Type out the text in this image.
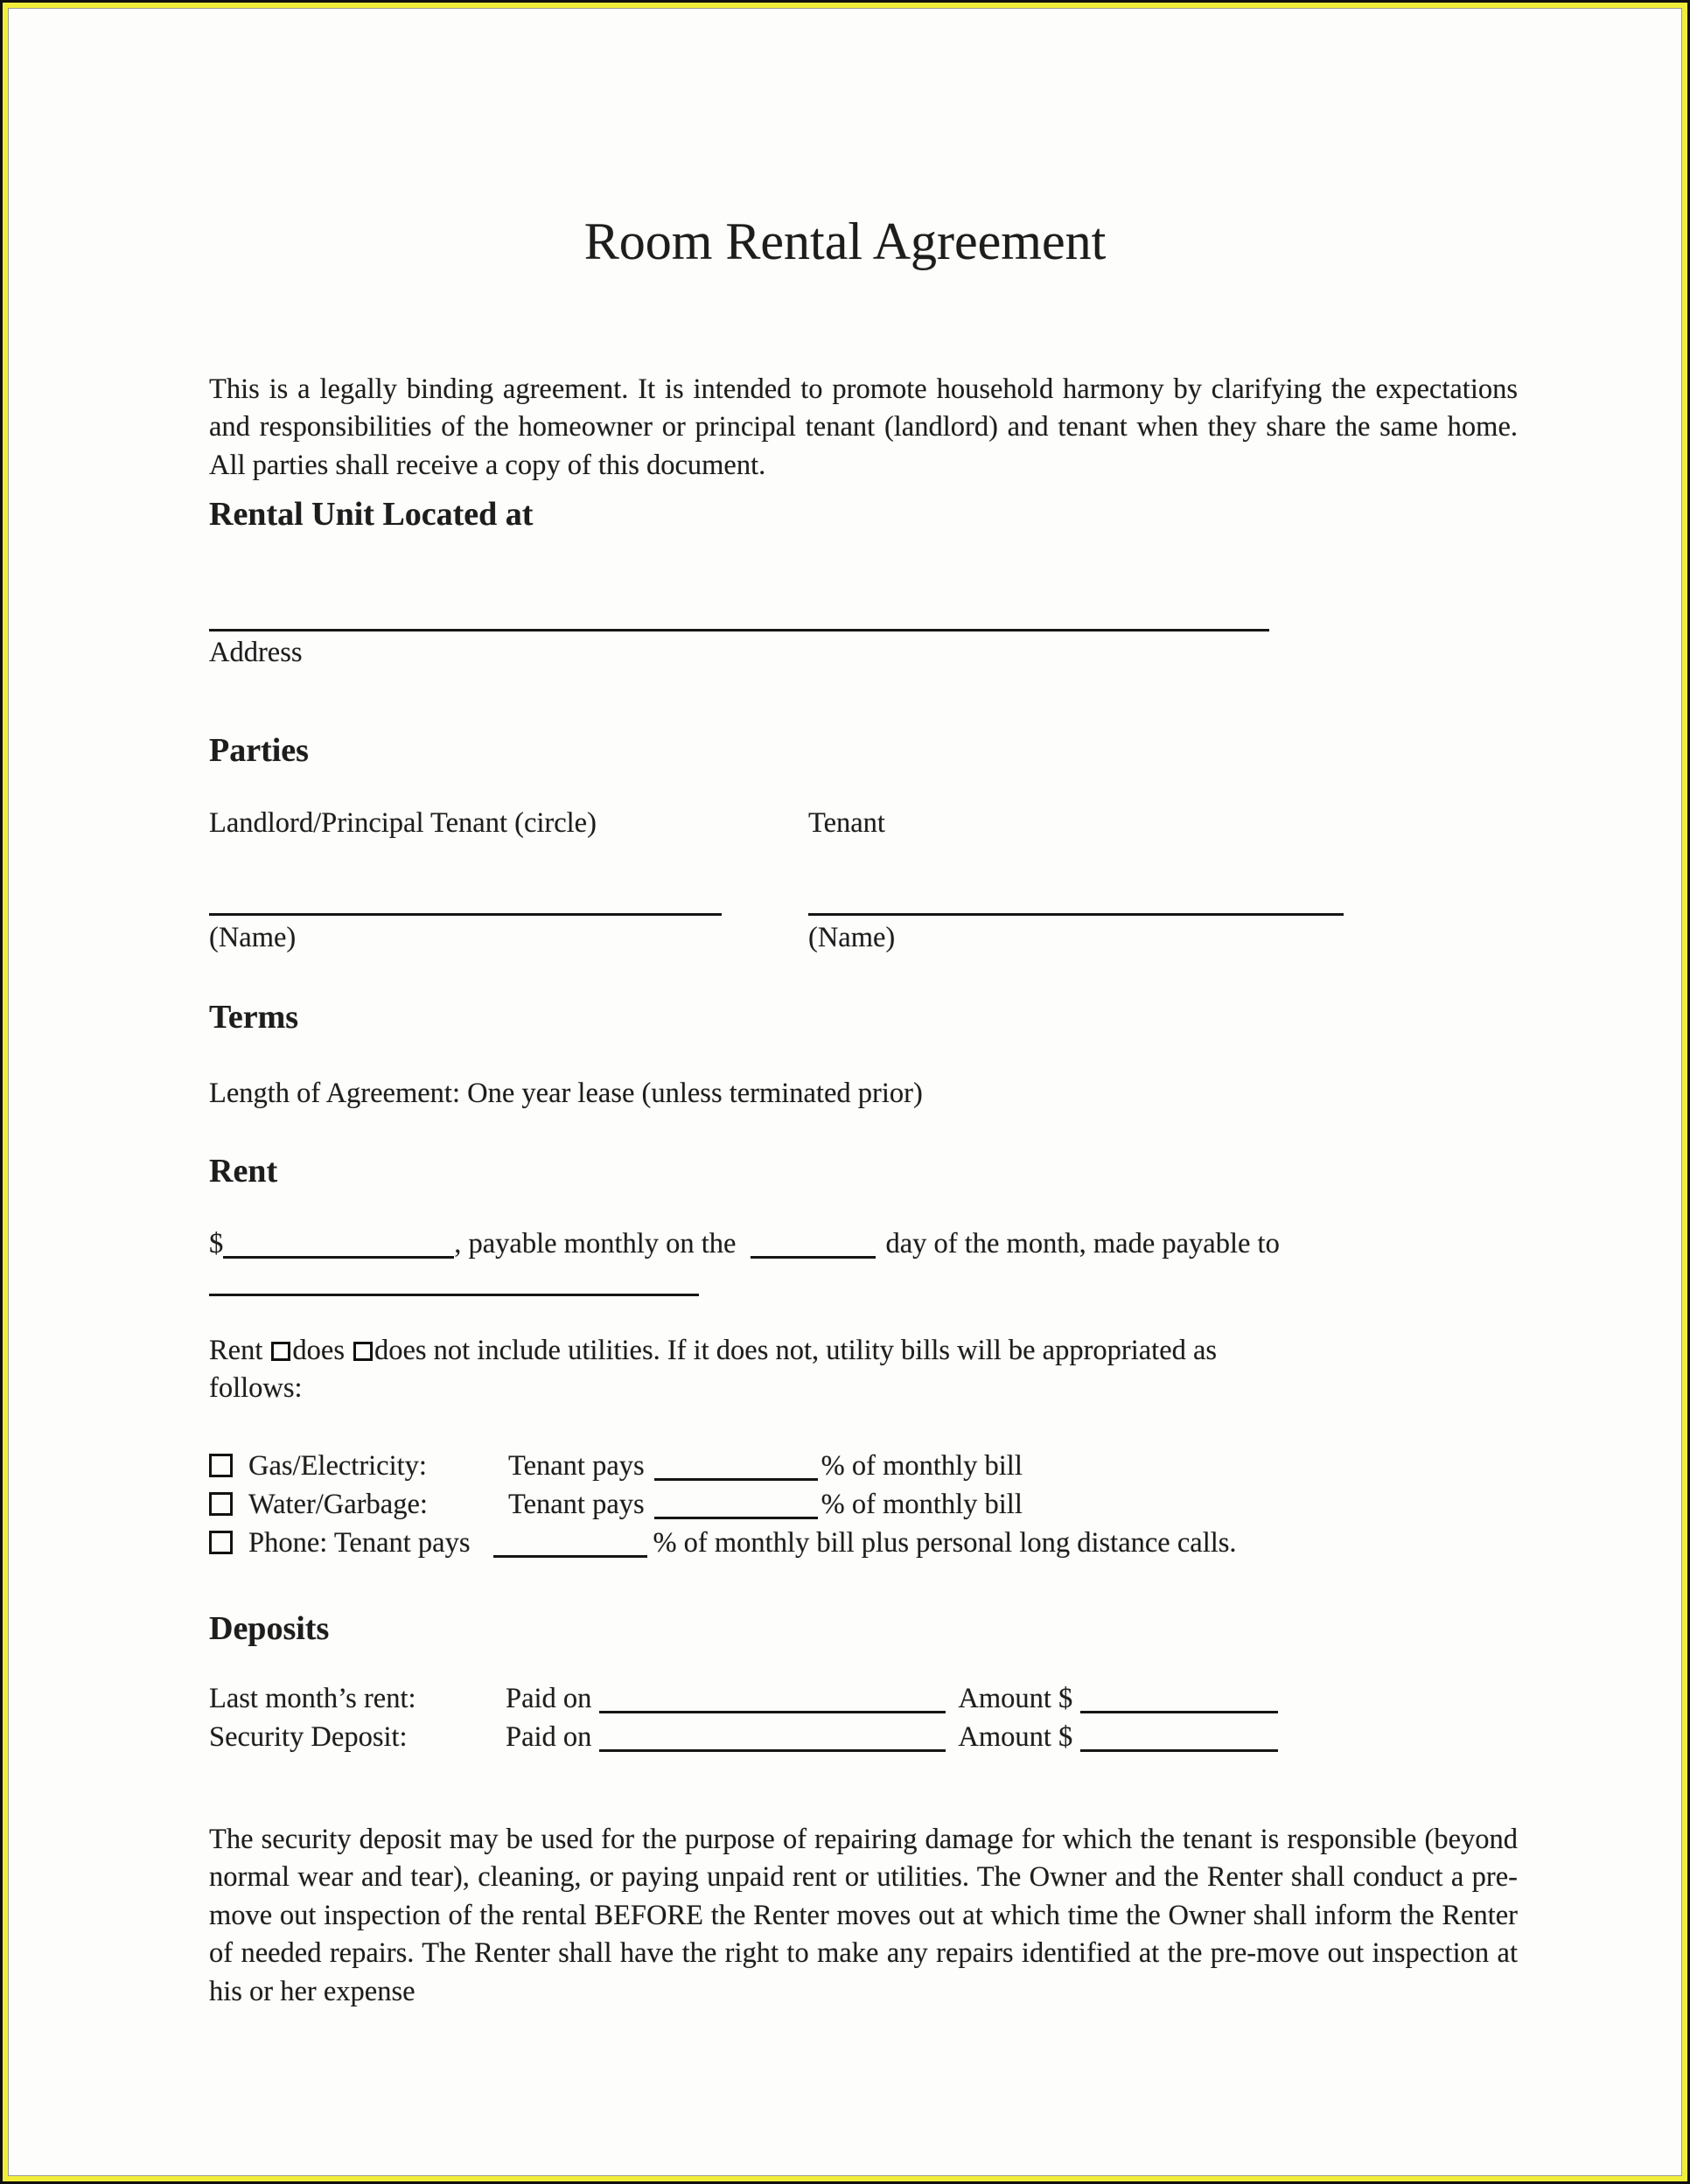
Room Rental Agreement

This is a legally binding agreement. It is intended to promote household harmony by clarifying the expectations and responsibilities of the homeowner or principal tenant (landlord) and tenant when they share the same home. All parties shall receive a copy of this document.

Rental Unit Located at
Address
Parties
Landlord/Principal Tenant (circle)	Tenant
(Name)	(Name)
Terms
Length of Agreement: One year lease (unless terminated prior)
Rent
$	, payable monthly on the	day of the month, made payable to
Rent does does not include utilities. If it does not, utility bills will be appropriated as
follows:
Gas/Electricity:	Tenant pays	% of monthly bill
Water/Garbage:	Tenant pays	% of monthly bill
Phone: Tenant pays	% of monthly bill plus personal long distance calls.
Deposits
Last month’s rent:	Paid on	Amount $
Security Deposit:	Paid on	Amount $

The security deposit may be used for the purpose of repairing damage for which the tenant is responsible (beyond normal wear and tear), cleaning, or paying unpaid rent or utilities. The Owner and the Renter shall conduct a pre-move out inspection of the rental BEFORE the Renter moves out at which time the Owner shall inform the Renter of needed repairs. The Renter shall have the right to make any repairs identified at the pre-move out inspection at his or her expense
